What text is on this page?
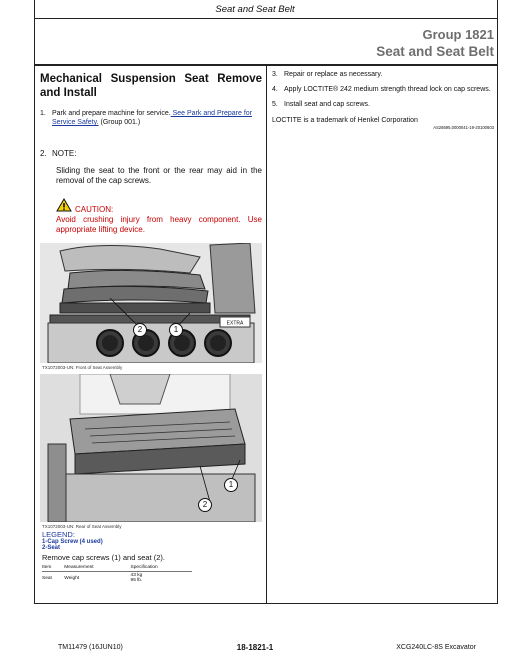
Seat and Seat Belt
Group 1821
Seat and Seat Belt
Mechanical Suspension Seat Remove and Install
1. Park and prepare machine for service. See Park and Prepare for Service Safety. (Group 001.)
2. NOTE:
Sliding the seat to the front or the rear may aid in the removal of the cap screws.
CAUTION:
Avoid crushing injury from heavy component. Use appropriate lifting device.
EXTRA
2	1
TX1072003-UN: Front of Seat Assembly
2
1
TX1072003-UN: Rear of Seat Assembly
LEGEND:
1-Cap Screw (4 used)
2-Seat
Remove cap screws (1) and seat (2).
Item	Measurement	Specification
Seat	Weight	43 kg
95 lb.
3. Repair or replace as necessary.
4. Apply LOCTITE® 242 medium strength thread lock on cap screws.
5. Install seat and cap screws.
LOCTITE is a trademark of Henkel Corporation
AS28695,0000041-19-20100603
TM11479 (16JUN10)	18-1821-1	XCG240LC-8S Excavator
